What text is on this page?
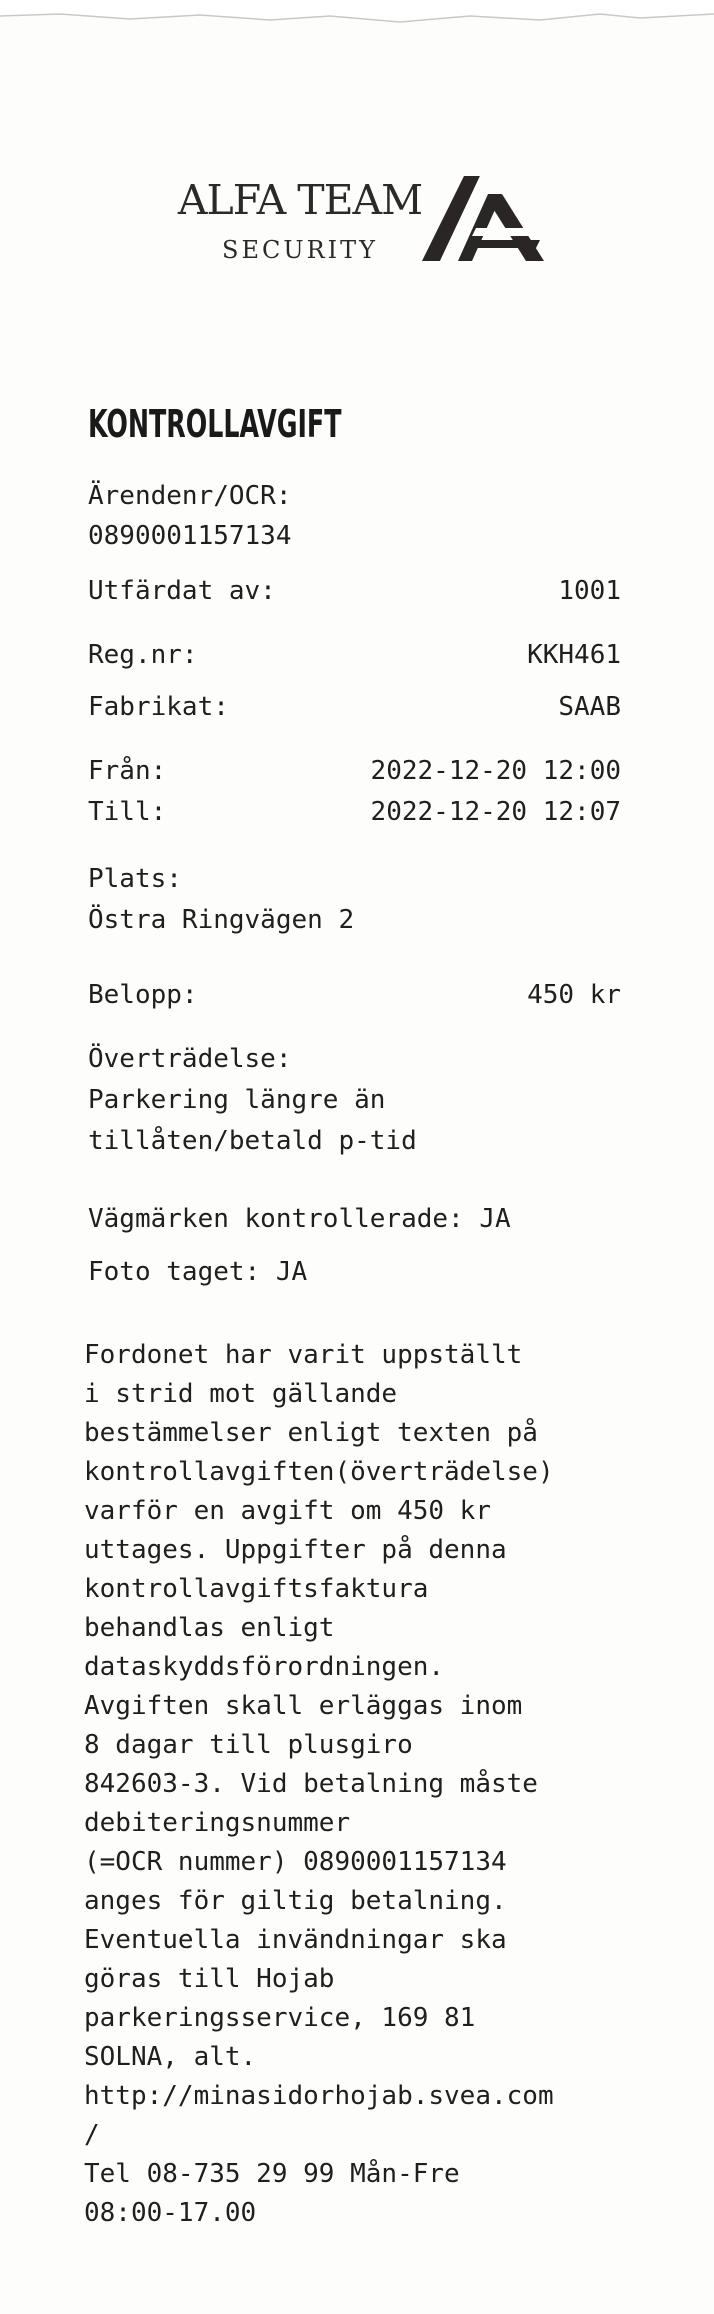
ALFA TEAM
SECURITY
KONTROLLAVGIFT
Ärendenr/OCR:
0890001157134
Utfärdat av:	1001
Reg.nr:	KKH461
Fabrikat:	SAAB
Från:	2022-12-20 12:00
Till:	2022-12-20 12:07
Plats:
Östra Ringvägen 2
Belopp:	450 kr
Överträdelse:
Parkering längre än
tillåten/betald p-tid
Vägmärken kontrollerade: JA
Foto taget: JA
Fordonet har varit uppställt
i strid mot gällande
bestämmelser enligt texten på
kontrollavgiften(överträdelse)
varför en avgift om 450 kr
uttages. Uppgifter på denna
kontrollavgiftsfaktura
behandlas enligt
dataskyddsförordningen.
Avgiften skall erläggas inom
8 dagar till plusgiro
842603-3. Vid betalning måste
debiteringsnummer
(=OCR nummer) 0890001157134
anges för giltig betalning.
Eventuella invändningar ska
göras till Hojab
parkeringsservice, 169 81
SOLNA, alt.
http://minasidorhojab.svea.com
/
Tel 08-735 29 99 Mån-Fre
08:00-17.00
